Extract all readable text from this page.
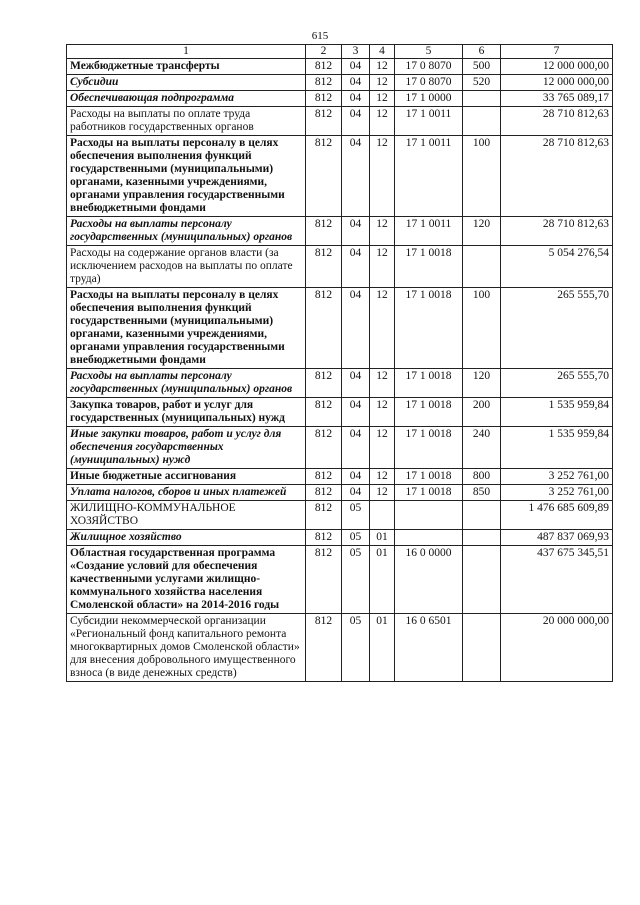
615
1	2	3	4	5	6	7
Межбюджетные трансферты	812	04	12	17 0 8070	500	12 000 000,00
Субсидии	812	04	12	17 0 8070	520	12 000 000,00
Обеспечивающая подпрограмма	812	04	12	17 1 0000		33 765 089,17
Расходы на выплаты по оплате труда работников государственных органов	812	04	12	17 1 0011		28 710 812,63
Расходы на выплаты персоналу в целях обеспечения выполнения функций государственными (муниципальными) органами, казенными учреждениями, органами управления государственными внебюджетными фондами	812	04	12	17 1 0011	100	28 710 812,63
Расходы на выплаты персоналу государственных (муниципальных) органов	812	04	12	17 1 0011	120	28 710 812,63
Расходы на содержание органов власти (за исключением расходов на выплаты по оплате труда)	812	04	12	17 1 0018		5 054 276,54
Расходы на выплаты персоналу в целях обеспечения выполнения функций государственными (муниципальными) органами, казенными учреждениями, органами управления государственными внебюджетными фондами	812	04	12	17 1 0018	100	265 555,70
Расходы на выплаты персоналу государственных (муниципальных) органов	812	04	12	17 1 0018	120	265 555,70
Закупка товаров, работ и услуг для государственных (муниципальных) нужд	812	04	12	17 1 0018	200	1 535 959,84
Иные закупки товаров, работ и услуг для обеспечения государственных (муниципальных) нужд	812	04	12	17 1 0018	240	1 535 959,84
Иные бюджетные ассигнования	812	04	12	17 1 0018	800	3 252 761,00
Уплата налогов, сборов и иных платежей	812	04	12	17 1 0018	850	3 252 761,00
ЖИЛИЩНО-КОММУНАЛЬНОЕ ХОЗЯЙСТВО	812	05				1 476 685 609,89
Жилищное хозяйство	812	05	01			487 837 069,93
Областная государственная программа «Создание условий для обеспечения качественными услугами жилищно-коммунального хозяйства населения Смоленской области» на 2014-2016 годы	812	05	01	16 0 0000		437 675 345,51
Субсидии некоммерческой организации «Региональный фонд капитального ремонта многоквартирных домов Смоленской области» для внесения добровольного имущественного взноса (в виде денежных средств)	812	05	01	16 0 6501		20 000 000,00
